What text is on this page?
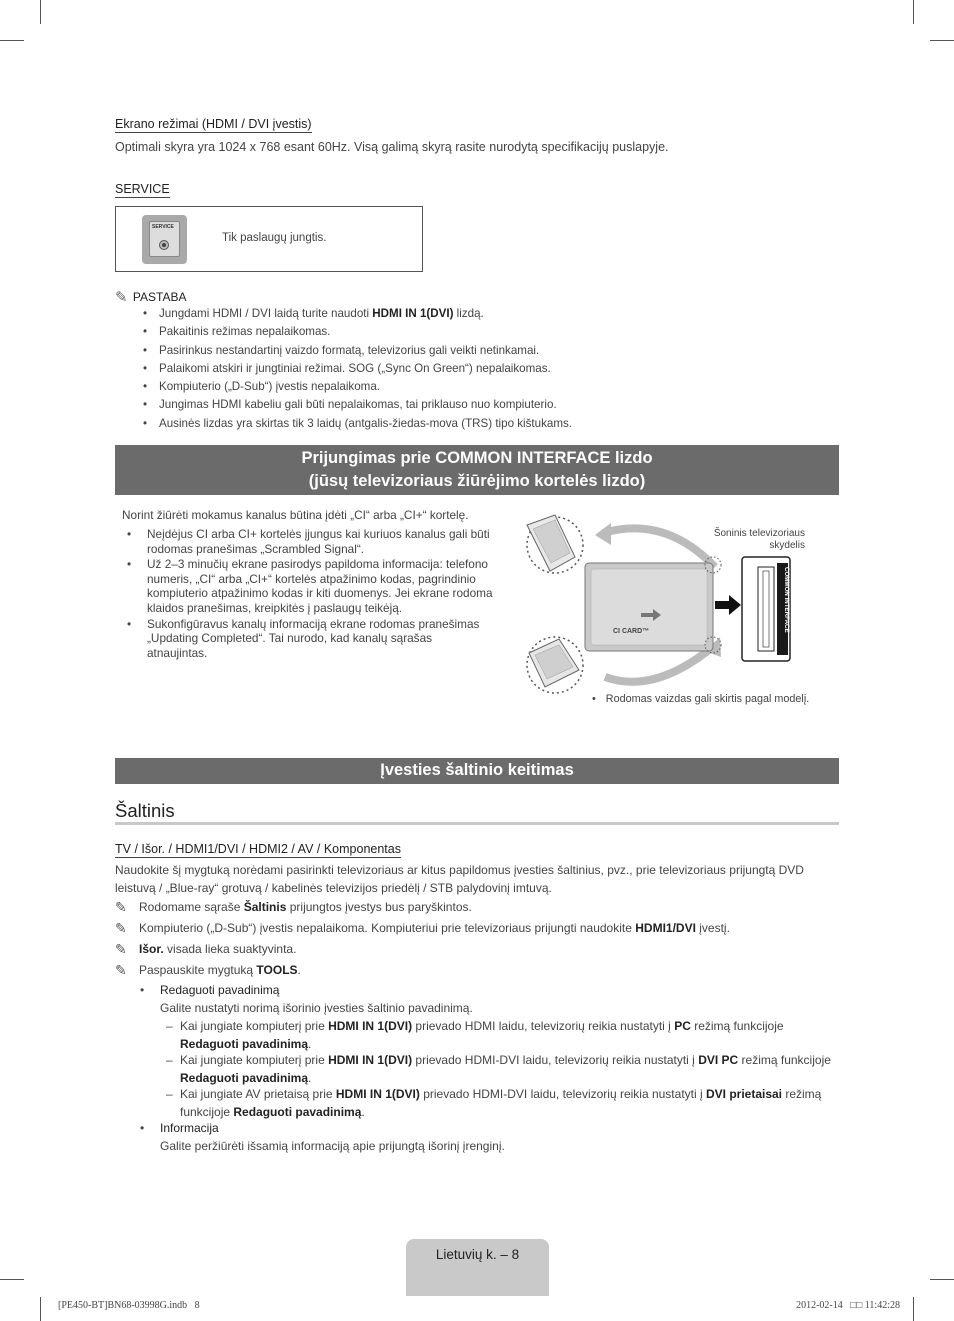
Ekrano režimai (HDMI / DVI įvestis)
Optimali skyra yra 1024 x 768 esant 60Hz. Visą galimą skyrą rasite nurodytą specifikacijų puslapyje.
SERVICE
SERVICE
Tik paslaugų jungtis.
✎ PASTABA
• Jungdami HDMI / DVI laidą turite naudoti HDMI IN 1(DVI) lizdą.
• Pakaitinis režimas nepalaikomas.
• Pasirinkus nestandartinį vaizdo formatą, televizorius gali veikti netinkamai.
• Palaikomi atskiri ir jungtiniai režimai. SOG („Sync On Green“) nepalaikomas.
• Kompiuterio („D-Sub“) įvestis nepalaikoma.
• Jungimas HDMI kabeliu gali būti nepalaikomas, tai priklauso nuo kompiuterio.
• Ausinės lizdas yra skirtas tik 3 laidų (antgalis-žiedas-mova (TRS) tipo kištukams.
Prijungimas prie COMMON INTERFACE lizdo
(jūsų televizoriaus žiūrėjimo kortelės lizdo)
Norint žiūrėti mokamus kanalus būtina įdėti „CI“ arba „CI+“ kortelę.
• Neįdėjus CI arba CI+ kortelės įjungus kai kuriuos kanalus gali būti rodomas pranešimas „Scrambled Signal“.
• Už 2–3 minučių ekrane pasirodys papildoma informacija: telefono numeris, „CI“ arba „CI+“ kortelės atpažinimo kodas, pagrindinio kompiuterio atpažinimo kodas ir kiti duomenys. Jei ekrane rodoma klaidos pranešimas, kreipkitės į paslaugų teikėją.
• Sukonfigūravus kanalų informaciją ekrane rodomas pranešimas „Updating Completed“. Tai nurodo, kad kanalų sąrašas atnaujintas.
CI CARD™	COMMON INTERFACE
Šoninis televizoriaus
skydelis
• Rodomas vaizdas gali skirtis pagal modelį.
Įvesties šaltinio keitimas
Šaltinis
TV / Išor. / HDMI1/DVI / HDMI2 / AV / Komponentas
Naudokite šį mygtuką norėdami pasirinkti televizoriaus ar kitus papildomus įvesties šaltinius, pvz., prie televizoriaus prijungtą DVD leistuvą / „Blue-ray“ grotuvą / kabelinės televizijos priedėlį / STB palydovinį imtuvą.
✎ Rodomame sąraše Šaltinis prijungtos įvestys bus paryškintos.
✎ Kompiuterio („D-Sub“) įvestis nepalaikoma. Kompiuteriui prie televizoriaus prijungti naudokite HDMI1/DVI įvestį.
✎ Išor. visada lieka suaktyvinta.
✎ Paspauskite mygtuką TOOLS.
• Redaguoti pavadinimą
Galite nustatyti norimą išorinio įvesties šaltinio pavadinimą.
– Kai jungiate kompiuterį prie HDMI IN 1(DVI) prievado HDMI laidu, televizorių reikia nustatyti į PC režimą funkcijoje
Redaguoti pavadinimą.
– Kai jungiate kompiuterį prie HDMI IN 1(DVI) prievado HDMI-DVI laidu, televizorių reikia nustatyti į DVI PC režimą funkcijoje
Redaguoti pavadinimą.
– Kai jungiate AV prietaisą prie HDMI IN 1(DVI) prievado HDMI-DVI laidu, televizorių reikia nustatyti į DVI prietaisai režimą
funkcijoje Redaguoti pavadinimą.
• Informacija
Galite peržiūrėti išsamią informaciją apie prijungtą išorinį įrenginį.
Lietuvių k. – 8
[PE450-BT]BN68-03998G.indb   8	2012-02-14   □□ 11:42:28
